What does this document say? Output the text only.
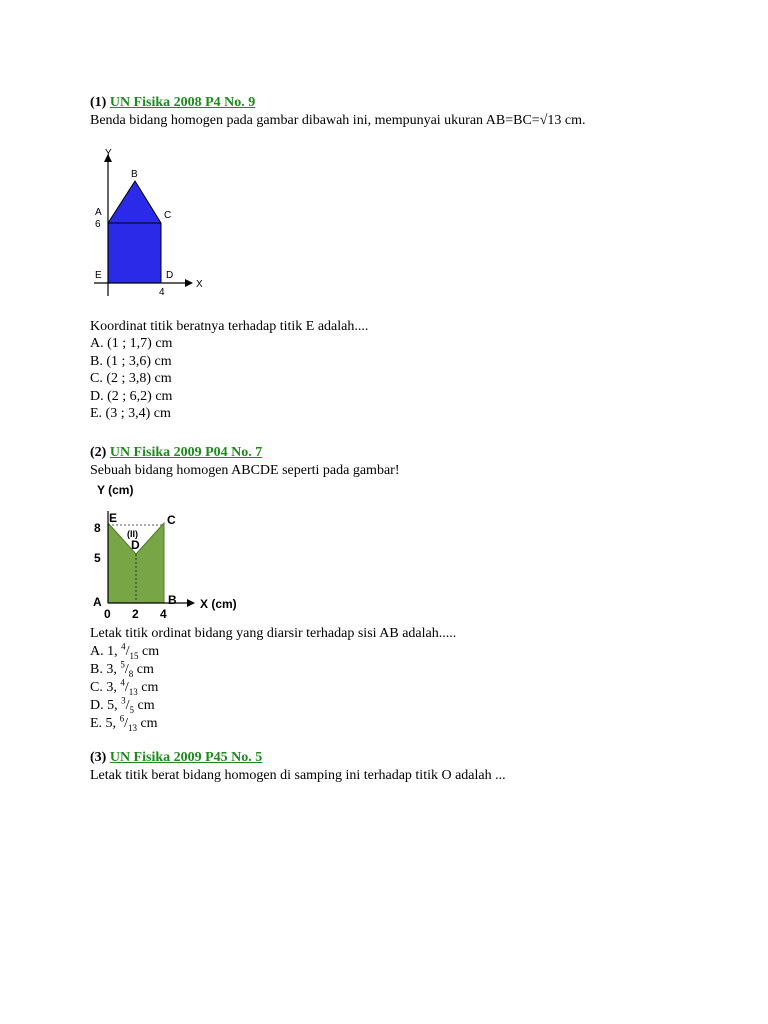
(1) UN Fisika 2008 P4 No. 9
Benda bidang homogen pada gambar dibawah ini, mempunyai ukuran AB=BC=√13 cm.
Y
X
B
A
6
C
E	D
4
Koordinat titik beratnya terhadap titik E adalah....
A. (1 ; 1,7) cm
B. (1 ; 3,6) cm
C. (2 ; 3,8) cm
D. (2 ; 6,2) cm
E. (3 ; 3,4) cm
(2) UN Fisika 2009 P04 No. 7
Sebuah bidang homogen ABCDE seperti pada gambar!
Y (cm)
X (cm)
E	C
(II)
D
8
5
A	B
0 2 4
Letak titik ordinat bidang yang diarsir terhadap sisi AB adalah.....
A. 1, $^4/_{15}$ cm
B. 3, $^5/_8$ cm
C. 3, $^4/_{13}$ cm
D. 5, $^3/_5$ cm
E. 5, $^6/_{13}$ cm
(3) UN Fisika 2009 P45 No. 5
Letak titik berat bidang homogen di samping ini terhadap titik O adalah ...
